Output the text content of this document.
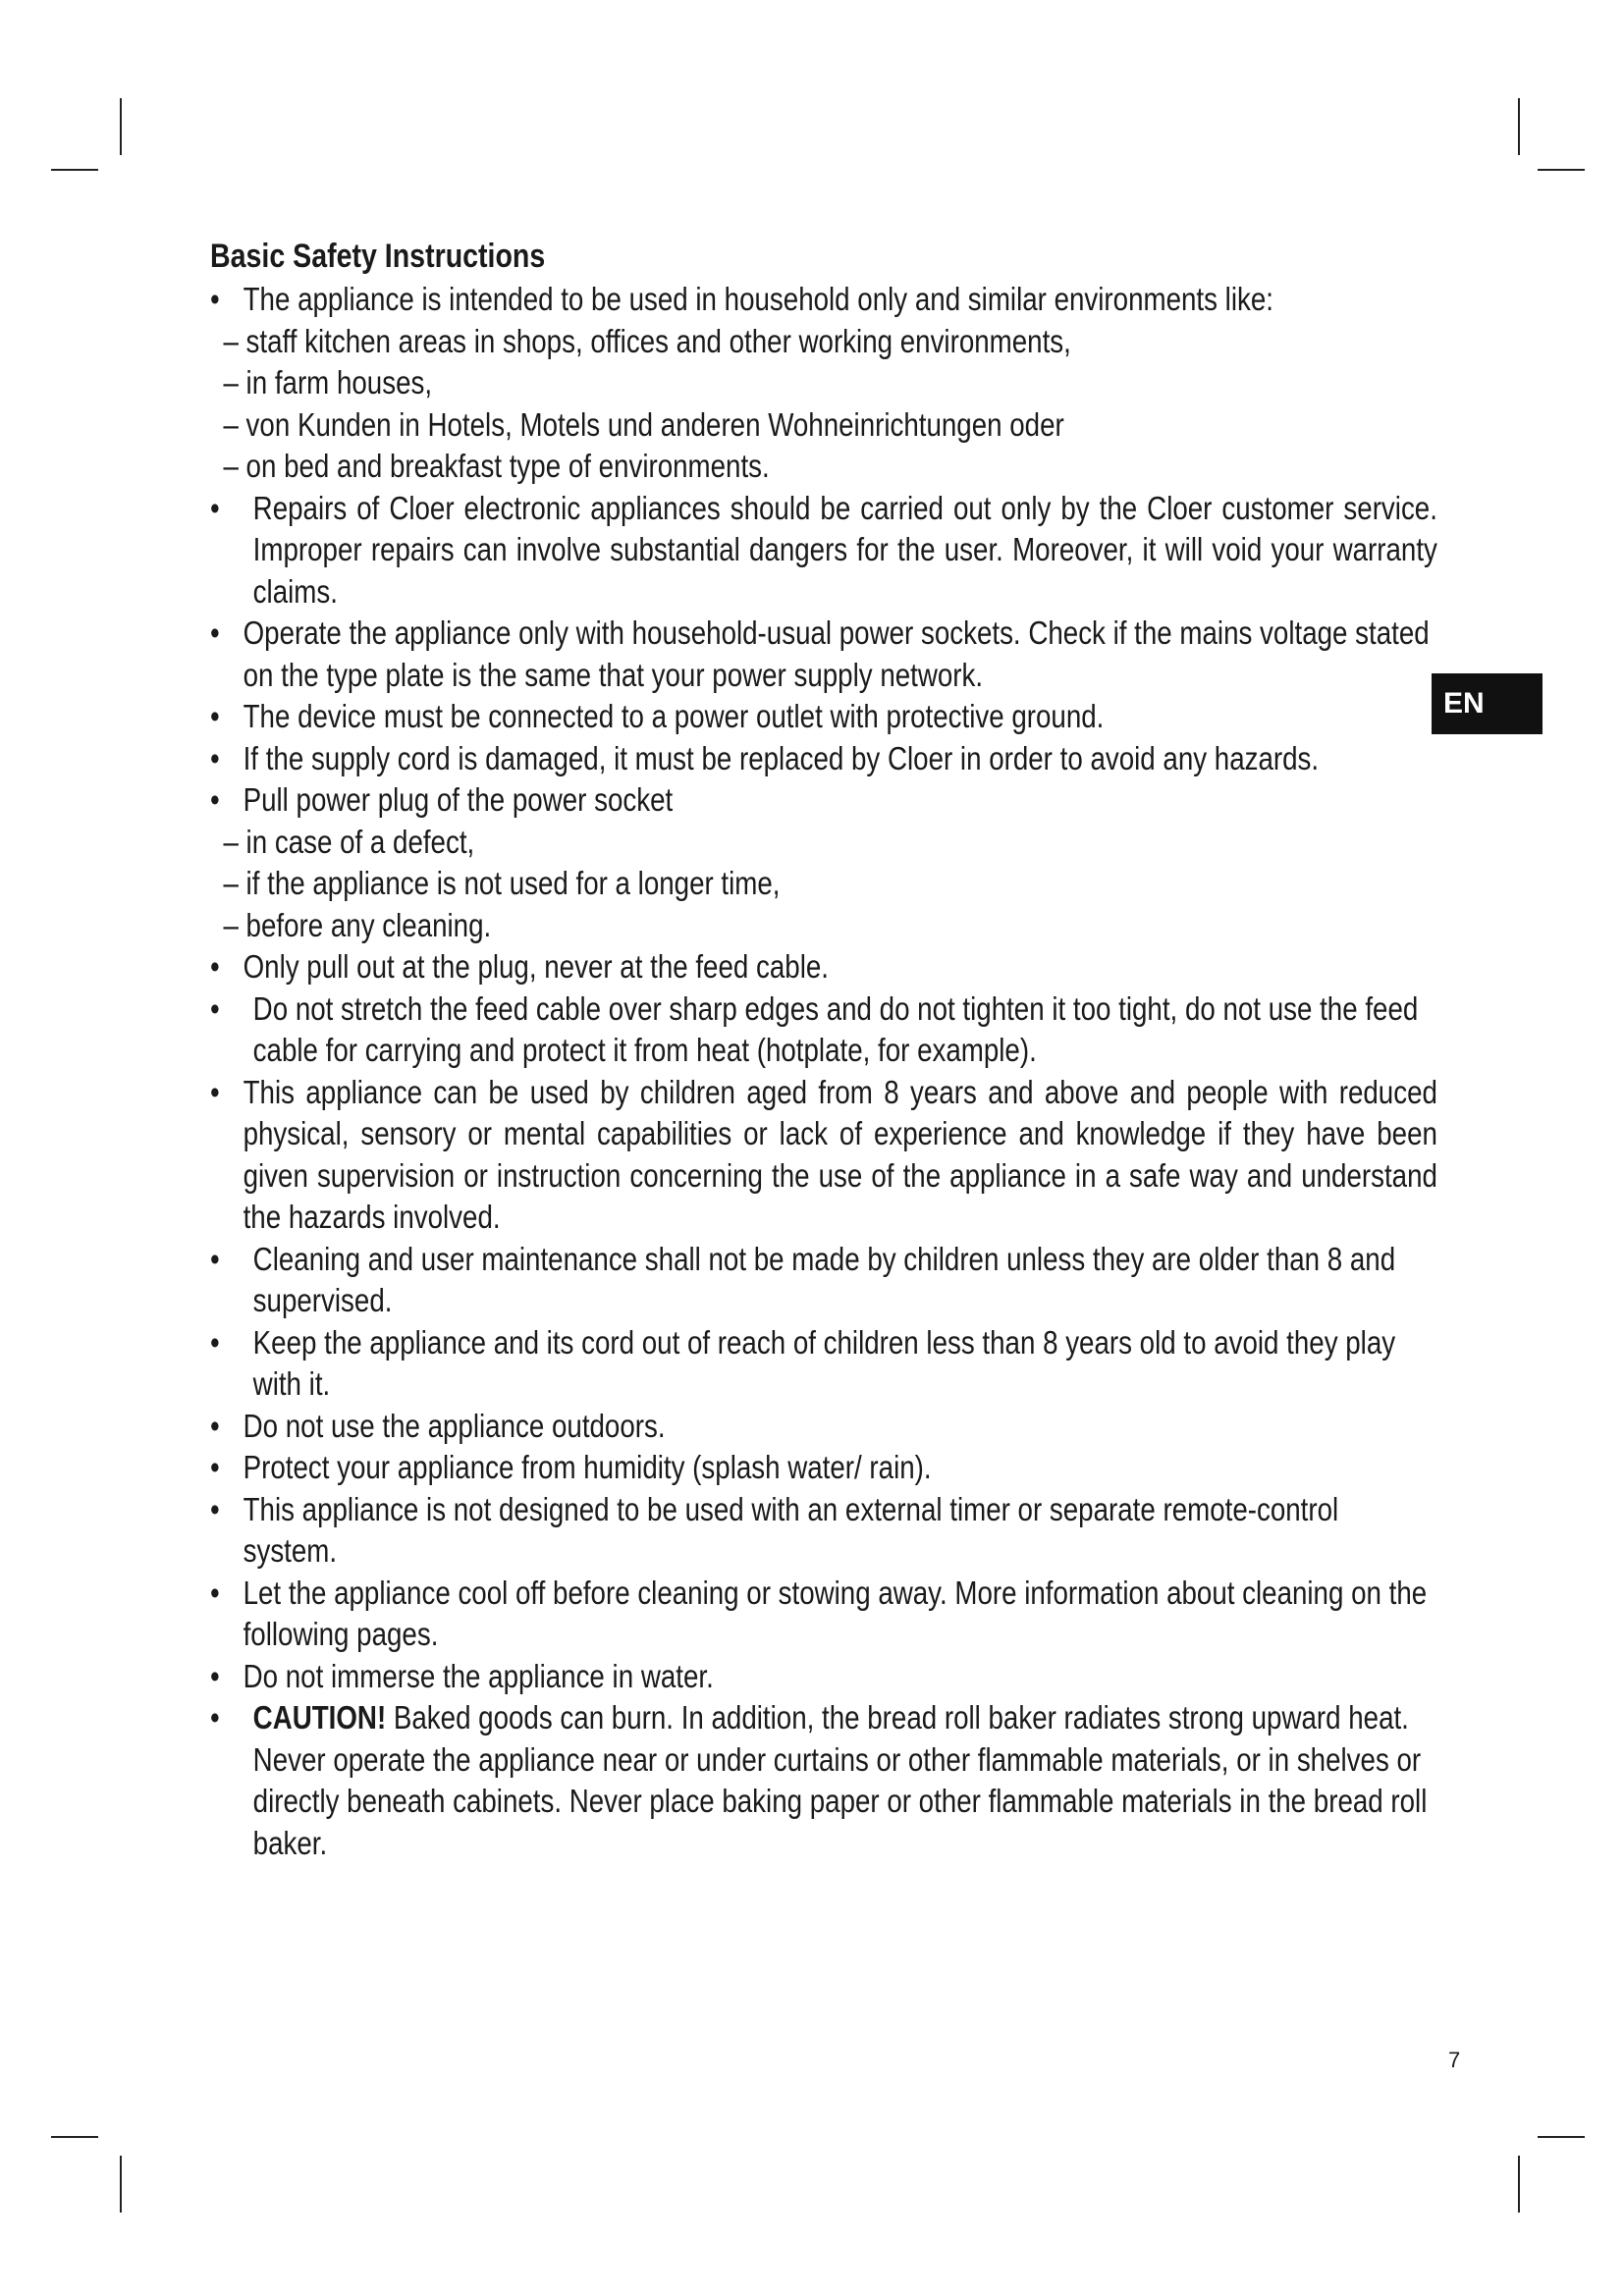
Basic Safety Instructions
• The appliance is intended to be used in household only and similar environments like:
– staff kitchen areas in shops, offices and other working environments,
– in farm houses,
– von Kunden in Hotels, Motels und anderen Wohneinrichtungen oder
– on bed and breakfast type of environments.
• Repairs of Cloer electronic appliances should be carried out only by the Cloer customer service. Improper repairs can involve substantial dangers for the user. Moreover, it will void your warranty claims.
• Operate the appliance only with household-usual power sockets. Check if the mains voltage stated on the type plate is the same that your power supply network.
• The device must be connected to a power outlet with protective ground.
• If the supply cord is damaged, it must be replaced by Cloer in order to avoid any hazards.
• Pull power plug of the power socket
– in case of a defect,
– if the appliance is not used for a longer time,
– before any cleaning.
• Only pull out at the plug, never at the feed cable.
• Do not stretch the feed cable over sharp edges and do not tighten it too tight, do not use the feed cable for carrying and protect it from heat (hotplate, for example).
• This appliance can be used by children aged from 8 years and above and people with reduced physical, sensory or mental capabilities or lack of experience and knowledge if they have been given supervision or instruction concerning the use of the appliance in a safe way and understand the hazards involved.
• Cleaning and user maintenance shall not be made by children unless they are older than 8 and supervised.
• Keep the appliance and its cord out of reach of children less than 8 years old to avoid they play with it.
• Do not use the appliance outdoors.
• Protect your appliance from humidity (splash water/ rain).
• This appliance is not designed to be used with an external timer or separate remote-control system.
• Let the appliance cool off before cleaning or stowing away. More information about cleaning on the following pages.
• Do not immerse the appliance in water.
• CAUTION! Baked goods can burn. In addition, the bread roll baker radiates strong upward heat. Never operate the appliance near or under curtains or other flammable materials, or in shelves or directly beneath cabinets. Never place baking paper or other flammable materials in the bread roll baker.
EN
7
